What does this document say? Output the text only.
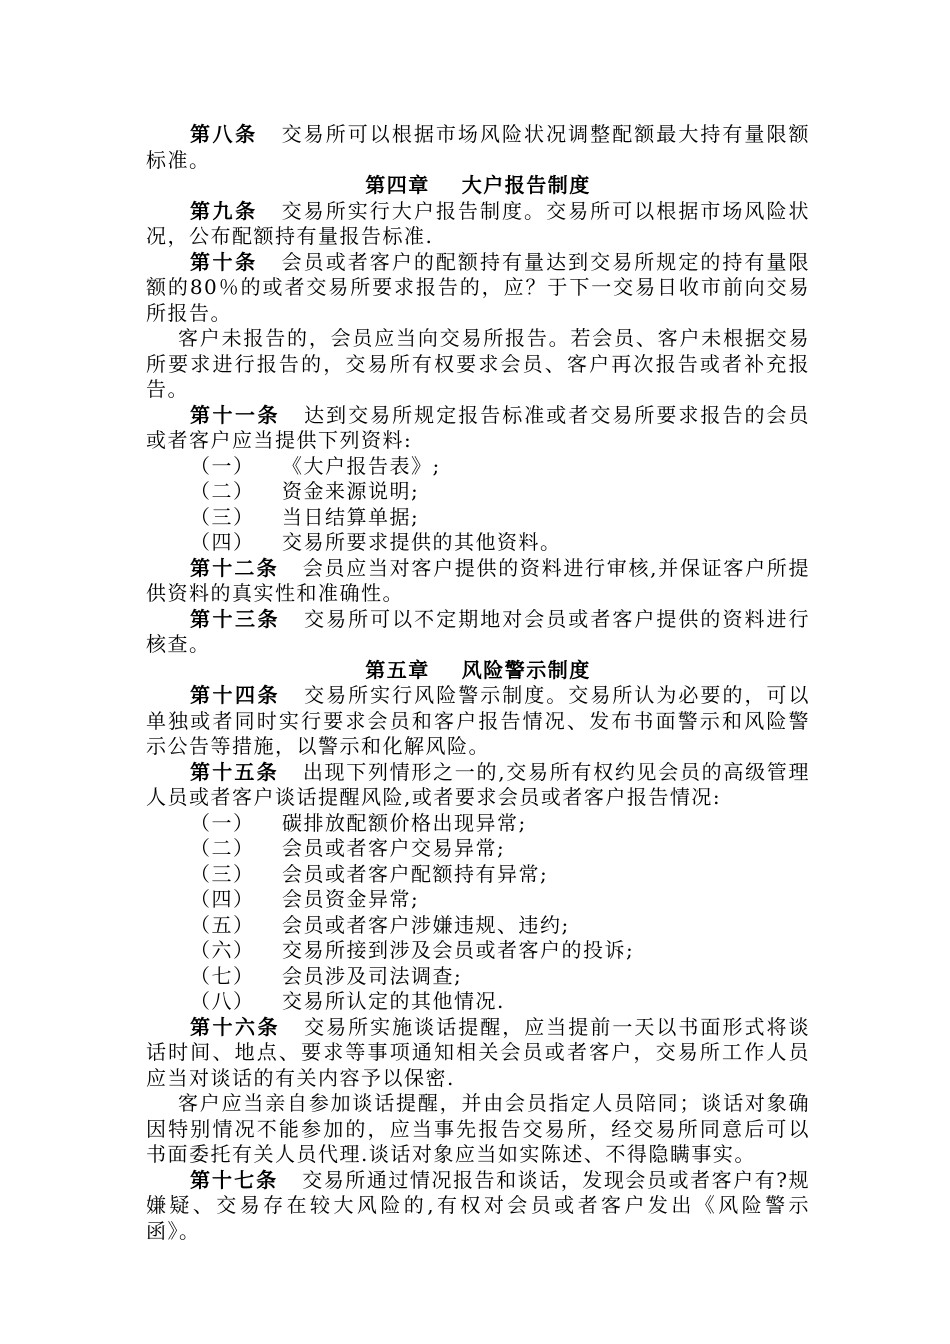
第八条 交易所可以根据市场风险状况调整配额最大持有量限额标准。

第四章 大户报告制度

第九条 交易所实行大户报告制度。交易所可以根据市场风险状况，公布配额持有量报告标准.

第十条 会员或者客户的配额持有量达到交易所规定的持有量限额的80％的或者交易所要求报告的，应？于下一交易日收市前向交易所报告。

客户未报告的，会员应当向交易所报告。若会员、客户未根据交易所要求进行报告的，交易所有权要求会员、客户再次报告或者补充报告。

第十一条 达到交易所规定报告标准或者交易所要求报告的会员或者客户应当提供下列资料:

（一） 《大户报告表》;

（二） 资金来源说明;

（三） 当日结算单据;

（四） 交易所要求提供的其他资料。

第十二条 会员应当对客户提供的资料进行审核,并保证客户所提供资料的真实性和准确性。

第十三条 交易所可以不定期地对会员或者客户提供的资料进行核查。

第五章 风险警示制度

第十四条 交易所实行风险警示制度。交易所认为必要的，可以单独或者同时实行要求会员和客户报告情况、发布书面警示和风险警示公告等措施，以警示和化解风险。

第十五条 出现下列情形之一的,交易所有权约见会员的高级管理人员或者客户谈话提醒风险,或者要求会员或者客户报告情况:

（一） 碳排放配额价格出现异常;

（二） 会员或者客户交易异常;

（三） 会员或者客户配额持有异常;

（四） 会员资金异常;

（五） 会员或者客户涉嫌违规、违约;

（六） 交易所接到涉及会员或者客户的投诉;

（七） 会员涉及司法调查;

（八） 交易所认定的其他情况.

第十六条 交易所实施谈话提醒，应当提前一天以书面形式将谈话时间、地点、要求等事项通知相关会员或者客户，交易所工作人员应当对谈话的有关内容予以保密.

客户应当亲自参加谈话提醒，并由会员指定人员陪同；谈话对象确因特别情况不能参加的，应当事先报告交易所，经交易所同意后可以书面委托有关人员代理.谈话对象应当如实陈述、不得隐瞒事实。

第十七条 交易所通过情况报告和谈话，发现会员或者客户有?规嫌疑、交易存在较大风险的,有权对会员或者客户发出《风险警示函》。
